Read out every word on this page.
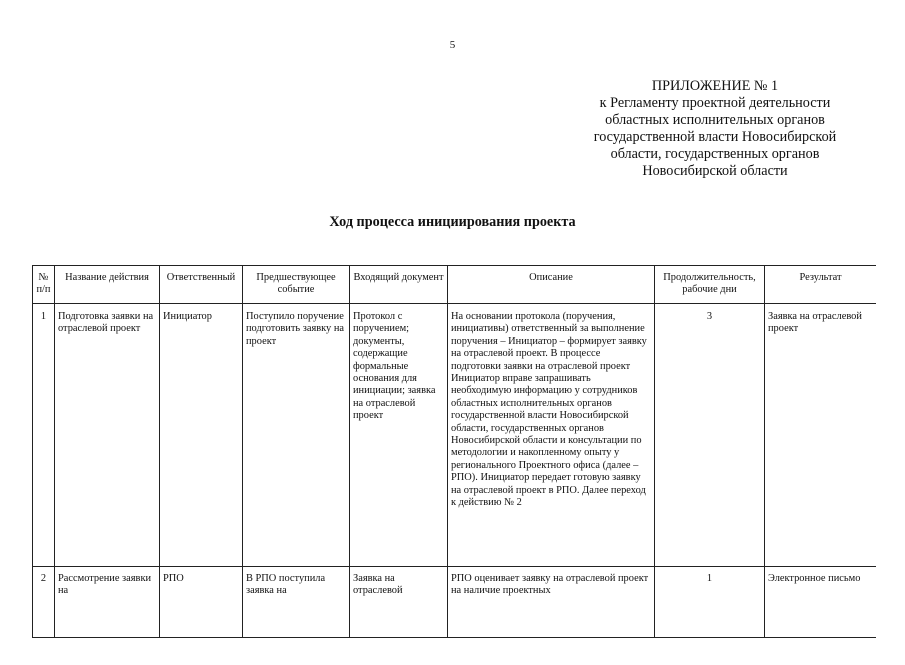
5
ПРИЛОЖЕНИЕ № 1
к Регламенту проектной деятельности
областных исполнительных органов
государственной власти Новосибирской
области, государственных органов
Новосибирской области
Ход процесса инициирования проекта
№ п/п	Название действия	Ответственный	Предшествующее событие	Входящий документ	Описание	Продолжительность, рабочие дни	Результат
1	Подготовка заявки на отраслевой проект	Инициатор	Поступило поручение подготовить заявку на проект	Протокол с поручением; документы, содержащие формальные основания для инициации; заявка на отраслевой проект	На основании протокола (поручения, инициативы) ответственный за выполнение поручения – Инициатор – формирует заявку на отраслевой проект. В процессе подготовки заявки на отраслевой проект Инициатор вправе запрашивать необходимую информацию у сотрудников областных исполнительных органов государственной власти Новосибирской области, государственных органов Новосибирской области и консультации по методологии и накопленному опыту у регионального Проектного офиса (далее – РПО). Инициатор передает готовую заявку на отраслевой проект в РПО. Далее переход к действию № 2	3	Заявка на отраслевой проект
2	Рассмотрение заявки на	РПО	В РПО поступила заявка на	Заявка на отраслевой	РПО оценивает заявку на отраслевой проект на наличие проектных	1	Электронное письмо
